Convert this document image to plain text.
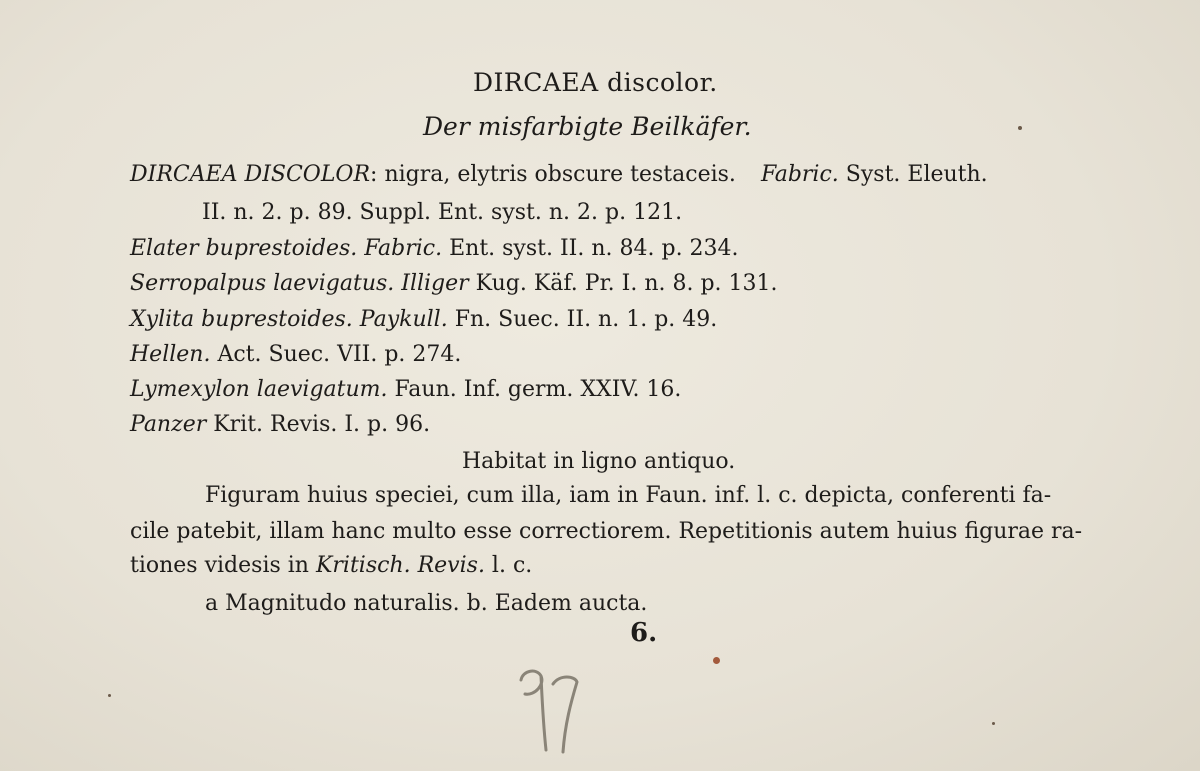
DIRCAEA discolor.
Der misfarbigte Beilkäfer.
DIRCAEA DISCOLOR: nigra, elytris obscure testaceis. Fabric. Syst. Eleuth.
II. n. 2. p. 89. Suppl. Ent. syst. n. 2. p. 121.
Elater buprestoides. Fabric. Ent. syst. II. n. 84. p. 234.
Serropalpus laevigatus. Illiger Kug. Käf. Pr. I. n. 8. p. 131.
Xylita buprestoides. Paykull. Fn. Suec. II. n. 1. p. 49.
Hellen. Act. Suec. VII. p. 274.
Lymexylon laevigatum. Faun. Inf. germ. XXIV. 16.
Panzer Krit. Revis. I. p. 96.
Habitat in ligno antiquo.
Figuram huius speciei, cum illa, iam in Faun. inf. l. c. depicta, conferenti fa-
cile patebit, illam hanc multo esse correctiorem. Repetitionis autem huius figurae ra-
tiones videsis in Kritisch. Revis. l. c.
a Magnitudo naturalis. b. Eadem aucta.
6.
